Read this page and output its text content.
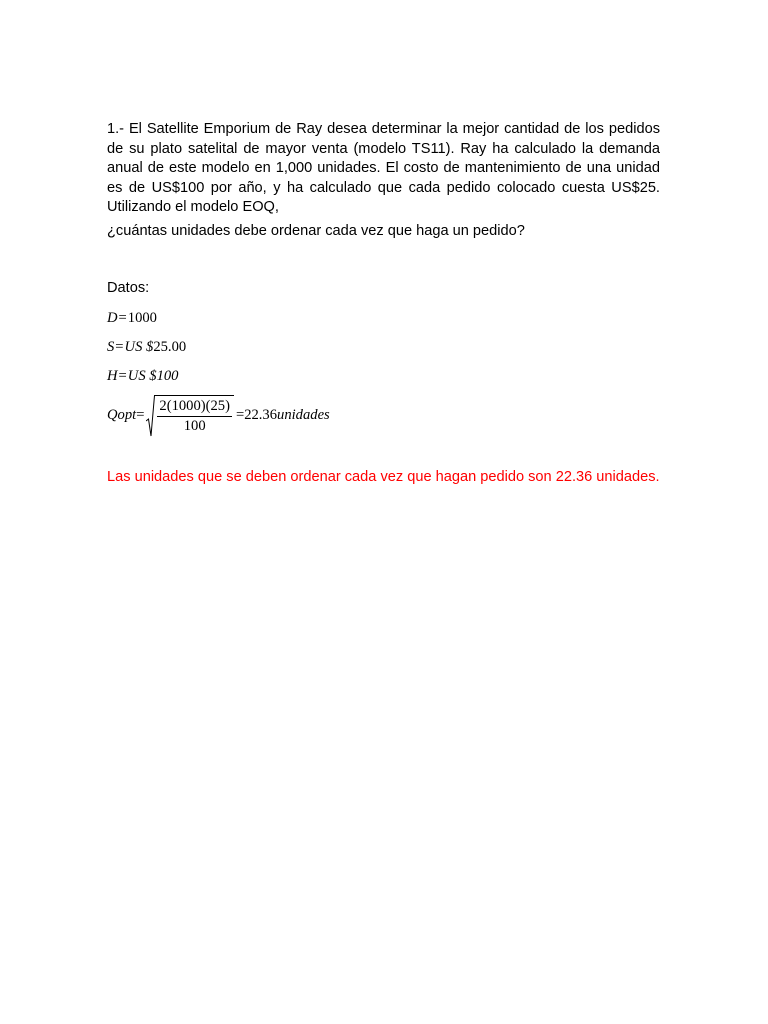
1.- El Satellite Emporium de Ray desea determinar la mejor cantidad de los pedidos de su plato satelital de mayor venta (modelo TS11). Ray ha calculado la demanda anual de este modelo en 1,000 unidades. El costo de mantenimiento de una unidad es de US$100 por año, y ha calculado que cada pedido colocado cuesta US$25. Utilizando el modelo EOQ,

¿cuántas unidades debe ordenar cada vez que haga un pedido?

Datos:

D=1000
S=US $25.00
H=US $100
Qopt = $\frac{2(1000)(25)}{100} = 22.36$ unidades

Las unidades que se deben ordenar cada vez que hagan pedido son 22.36 unidades.
